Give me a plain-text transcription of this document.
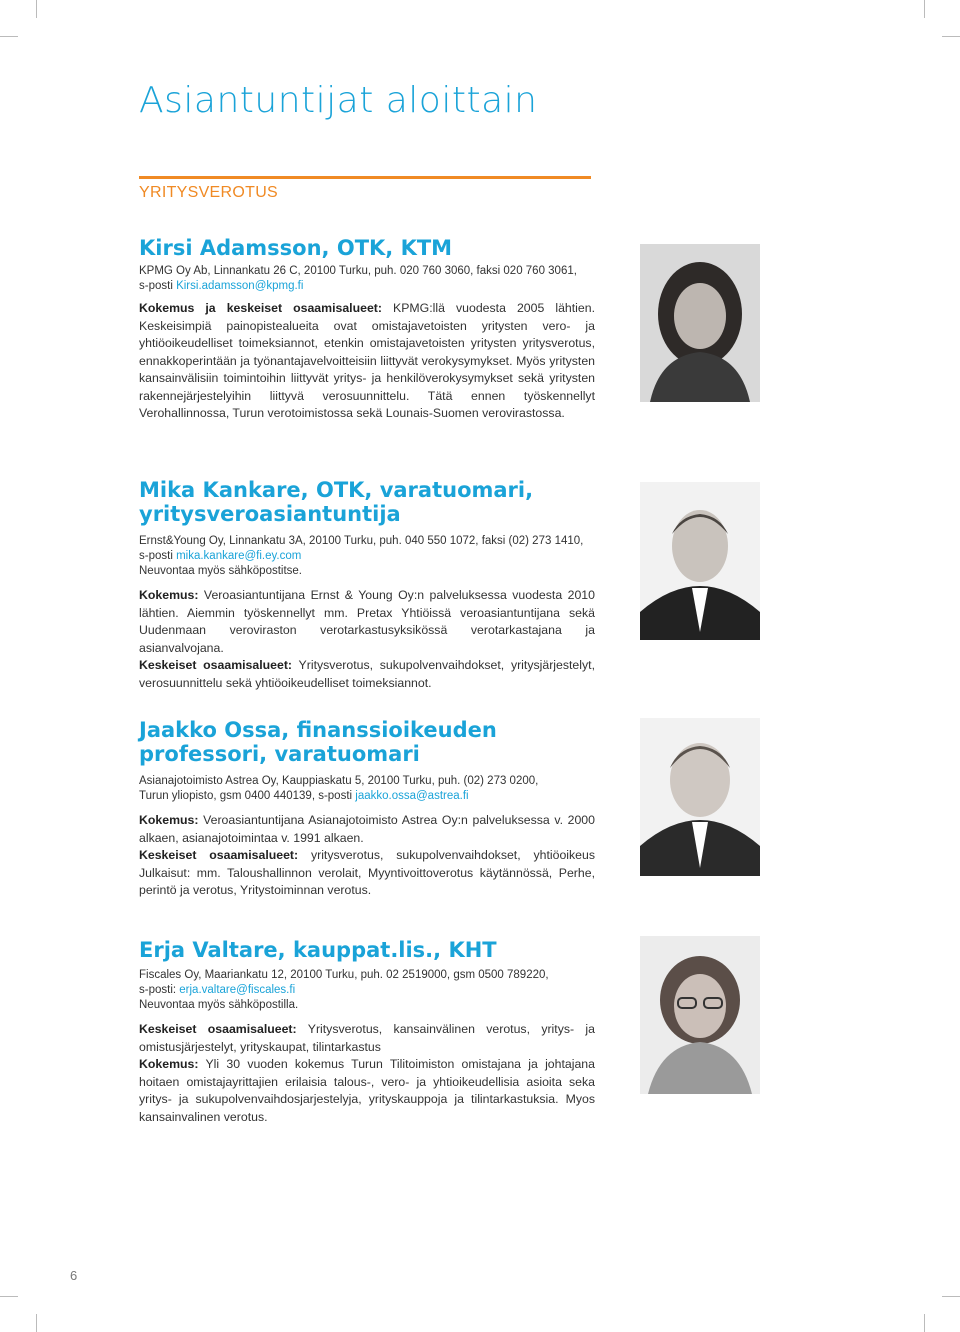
Asiantuntijat aloittain
YRITYSVEROTUS
Kirsi Adamsson, OTK, KTM
KPMG Oy Ab, Linnankatu 26 C, 20100 Turku, puh. 020 760 3060, faksi 020 760 3061,
s-posti Kirsi.adamsson@kpmg.fi
Kokemus ja keskeiset osaamisalueet: KPMG:llä vuodesta 2005 lähtien. Keskeisimpiä painopistealueita ovat omistajavetoisten yritysten vero- ja yhtiöoikeudelliset toimeksiannot, etenkin omistajavetoisten yritysten yritysverotus, ennakkoperintään ja työnantajavelvoitteisiin liittyvät verokysymykset. Myös yritysten kansainvälisiin toimintoihin liittyvät yritys- ja henkilöverokysymykset sekä yritysten rakennejärjestelyihin liittyvä verosuunnittelu. Tätä ennen työskennellyt Verohallinnossa, Turun verotoimistossa sekä Lounais-Suomen verovirastossa.
Mika Kankare, OTK, varatuomari, yritysveroasiantuntija
Ernst&Young Oy, Linnankatu 3A, 20100 Turku, puh. 040 550 1072, faksi (02) 273 1410,
s-posti mika.kankare@fi.ey.com
Neuvontaa myös sähköpostitse.
Kokemus: Veroasiantuntijana Ernst & Young Oy:n palveluksessa vuodesta 2010 lähtien. Aiemmin työskennellyt mm. Pretax Yhtiöissä veroasiantuntijana sekä Uudenmaan veroviraston verotarkastusyksikössä verotarkastajana ja asianvalvojana.
Keskeiset osaamisalueet: Yritysverotus, sukupolvenvaihdokset, yritysjärjestelyt, verosuunnittelu sekä yhtiöoikeudelliset toimeksiannot.
Jaakko Ossa, finanssioikeuden professori, varatuomari
Asianajotoimisto Astrea Oy, Kauppiaskatu 5, 20100 Turku, puh. (02) 273 0200,
Turun yliopisto, gsm 0400 440139, s-posti jaakko.ossa@astrea.fi
Kokemus: Veroasiantuntijana Asianajotoimisto Astrea Oy:n palveluksessa v. 2000 alkaen, asianajotoimintaa v. 1991 alkaen.
Keskeiset osaamisalueet: yritysverotus, sukupolvenvaihdokset, yhtiöoikeus Julkaisut: mm. Taloushallinnon verolait, Myyntivoittoverotus käytännössä, Perhe, perintö ja verotus, Yritystoiminnan verotus.
Erja Valtare, kauppat.lis., KHT
Fiscales Oy, Maariankatu 12, 20100 Turku, puh. 02 2519000, gsm 0500 789220,
s-posti: erja.valtare@fiscales.fi
Neuvontaa myös sähköpostilla.
Keskeiset osaamisalueet: Yritysverotus, kansainvälinen verotus, yritys- ja omistusjärjestelyt, yrityskaupat, tilintarkastus
Kokemus: Yli 30 vuoden kokemus Turun Tilitoimiston omistajana ja johtajana hoitaen omistajayrittajien erilaisia talous-, vero- ja yhtioikeudellisia asioita seka yritys- ja sukupolvenvaihdosjarjestelyja, yrityskauppoja ja tilintarkastuksia. Myos kansainvalinen verotus.
6
